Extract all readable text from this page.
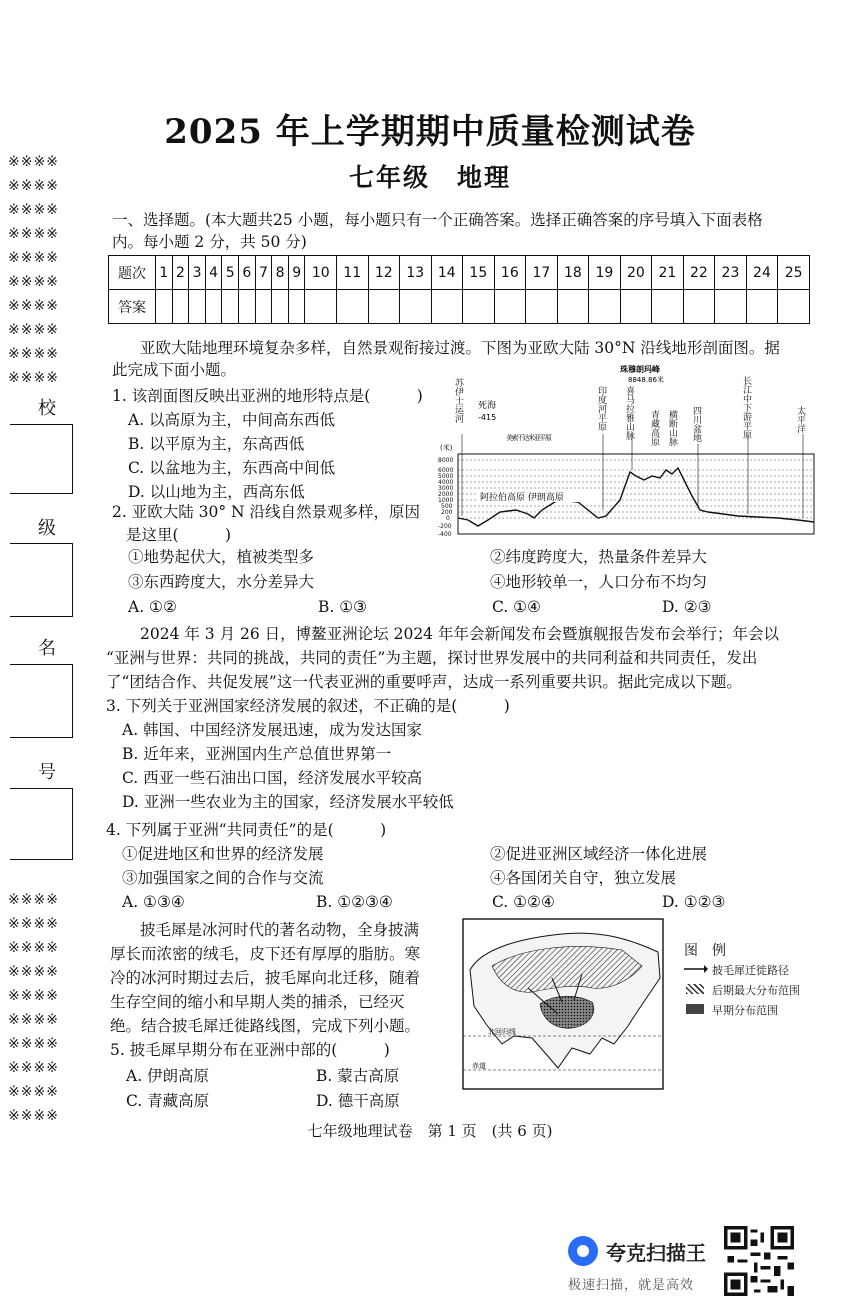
2025 年上学期期中质量检测试卷
七年级　地理
※※※※
※※※※
※※※※
※※※※
※※※※
※※※※
※※※※
※※※※
※※※※
※※※※
校
级
名
号
※※※※
※※※※
※※※※
※※※※
※※※※
※※※※
※※※※
※※※※
※※※※
※※※※
一、选择题。(本大题共25 小题，每小题只有一个正确答案。选择正确答案的序号填入下面表格
内。每小题 2 分，共 50 分)
题次	1	2	3	4	5	6	7	8	9	10	11	12	13	14	15	16	17	18	19	20	21	22	23	24	25
答案																									
亚欧大陆地理环境复杂多样，自然景观衔接过渡。下图为亚欧大陆 30°N 沿线地形剖面图。据
此完成下面小题。
1. 该剖面图反映出亚洲的地形特点是(　　　)
A. 以高原为主，中间高东西低
B. 以平原为主，东高西低
C. 以盆地为主，东西高中间低
D. 以山地为主，西高东低
2. 亚欧大陆 30° N 沿线自然景观多样，原因
是这里(　　　)
①地势起伏大，植被类型多	②纬度跨度大，热量条件差异大
③东西跨度大，水分差异大	④地形较单一，人口分布不均匀
A. ①②	B. ①③	C. ①④	D. ②③
苏伊士运河	印度河平原 喜马拉雅山脉 青藏高原 横断山脉 四川盆地	长江中下游平原	太平洋
死海
-415
珠穆朗玛峰
8848.86米
美索不达米亚平原
(米)
8000
6000
5000
4000
3000
2000
1000
500
200
0
-200
-400
阿拉伯高原 伊朗高原
2024 年 3 月 26 日，博鳌亚洲论坛 2024 年年会新闻发布会暨旗舰报告发布会举行；年会以
“亚洲与世界：共同的挑战，共同的责任”为主题，探讨世界发展中的共同利益和共同责任，发出
了“团结合作、共促发展”这一代表亚洲的重要呼声，达成一系列重要共识。据此完成以下题。
3. 下列关于亚洲国家经济发展的叙述，不正确的是(　　　)
A. 韩国、中国经济发展迅速，成为发达国家
B. 近年来，亚洲国内生产总值世界第一
C. 西亚一些石油出口国，经济发展水平较高
D. 亚洲一些农业为主的国家，经济发展水平较低
4. 下列属于亚洲“共同责任”的是(　　　)
①促进地区和世界的经济发展	②促进亚洲区域经济一体化进展
③加强国家之间的合作与交流	④各国闭关自守，独立发展
A. ①③④	B. ①②③④	C. ①②④	D. ①②③
披毛犀是冰河时代的著名动物，全身披满
厚长而浓密的绒毛，皮下还有厚厚的脂肪。寒
冷的冰河时期过去后，披毛犀向北迁移，随着
生存空间的缩小和早期人类的捕杀，已经灭
绝。结合披毛犀迁徙路线图，完成下列小题。
5. 披毛犀早期分布在亚洲中部的(　　　)
A. 伊朗高原	B. 蒙古高原
C. 青藏高原	D. 德干高原
北回归线
赤道
图　例
披毛犀迁徙路径
后期最大分布范围
早期分布范围
七年级地理试卷　第 1 页　(共 6 页)
夸克扫描王
极速扫描，就是高效
